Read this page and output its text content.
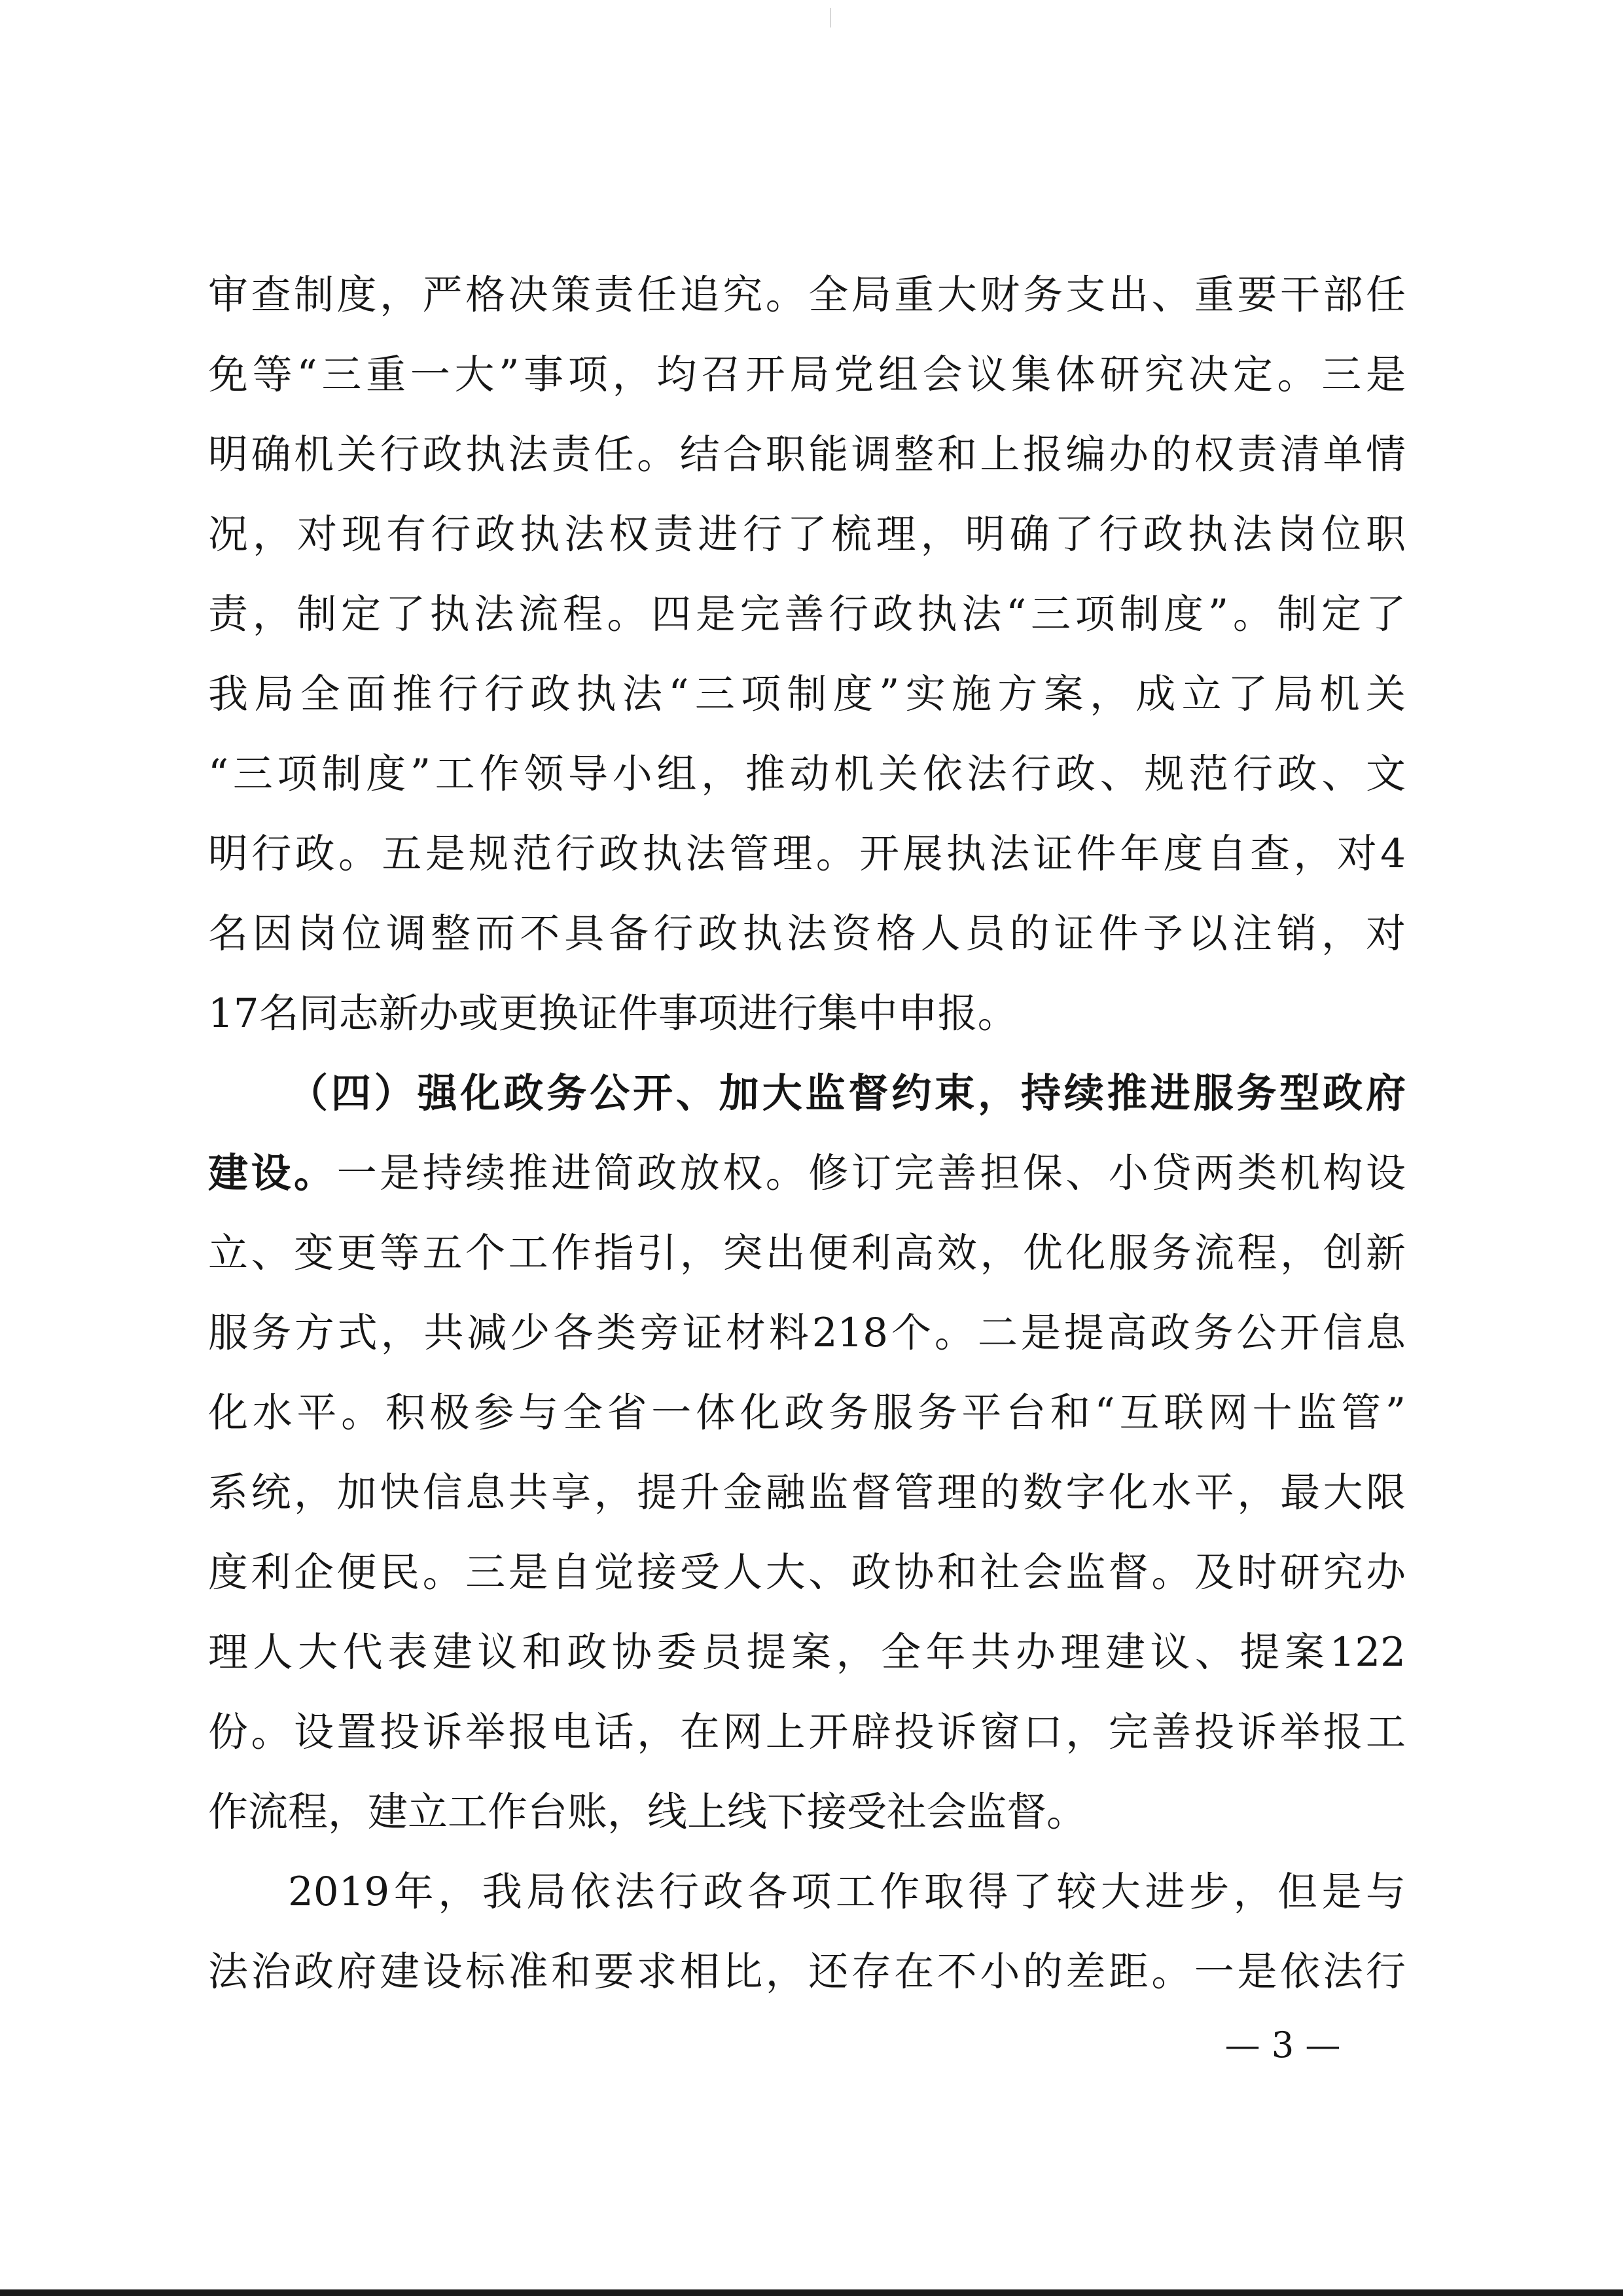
审查制度，严格决策责任追究。全局重大财务支出、重要干部任
免等“三重一大”事项，均召开局党组会议集体研究决定。三是
明确机关行政执法责任。结合职能调整和上报编办的权责清单情
况，对现有行政执法权责进行了梳理，明确了行政执法岗位职
责，制定了执法流程。四是完善行政执法“三项制度”。制定了
我局全面推行行政执法“三项制度”实施方案，成立了局机关
“三项制度”工作领导小组，推动机关依法行政、规范行政、文
明行政。五是规范行政执法管理。开展执法证件年度自查，对4
名因岗位调整而不具备行政执法资格人员的证件予以注销，对
17名同志新办或更换证件事项进行集中申报。
（四）强化政务公开、加大监督约束，持续推进服务型政府
建设。一是持续推进简政放权。修订完善担保、小贷两类机构设
立、变更等五个工作指引，突出便利高效，优化服务流程，创新
服务方式，共减少各类旁证材料218个。二是提高政务公开信息
化水平。积极参与全省一体化政务服务平台和“互联网十监管”
系统，加快信息共享，提升金融监督管理的数字化水平，最大限
度利企便民。三是自觉接受人大、政协和社会监督。及时研究办
理人大代表建议和政协委员提案，全年共办理建议、提案122
份。设置投诉举报电话，在网上开辟投诉窗口，完善投诉举报工
作流程，建立工作台账，线上线下接受社会监督。
2019年，我局依法行政各项工作取得了较大进步，但是与
法治政府建设标准和要求相比，还存在不小的差距。一是依法行
— 3 —
